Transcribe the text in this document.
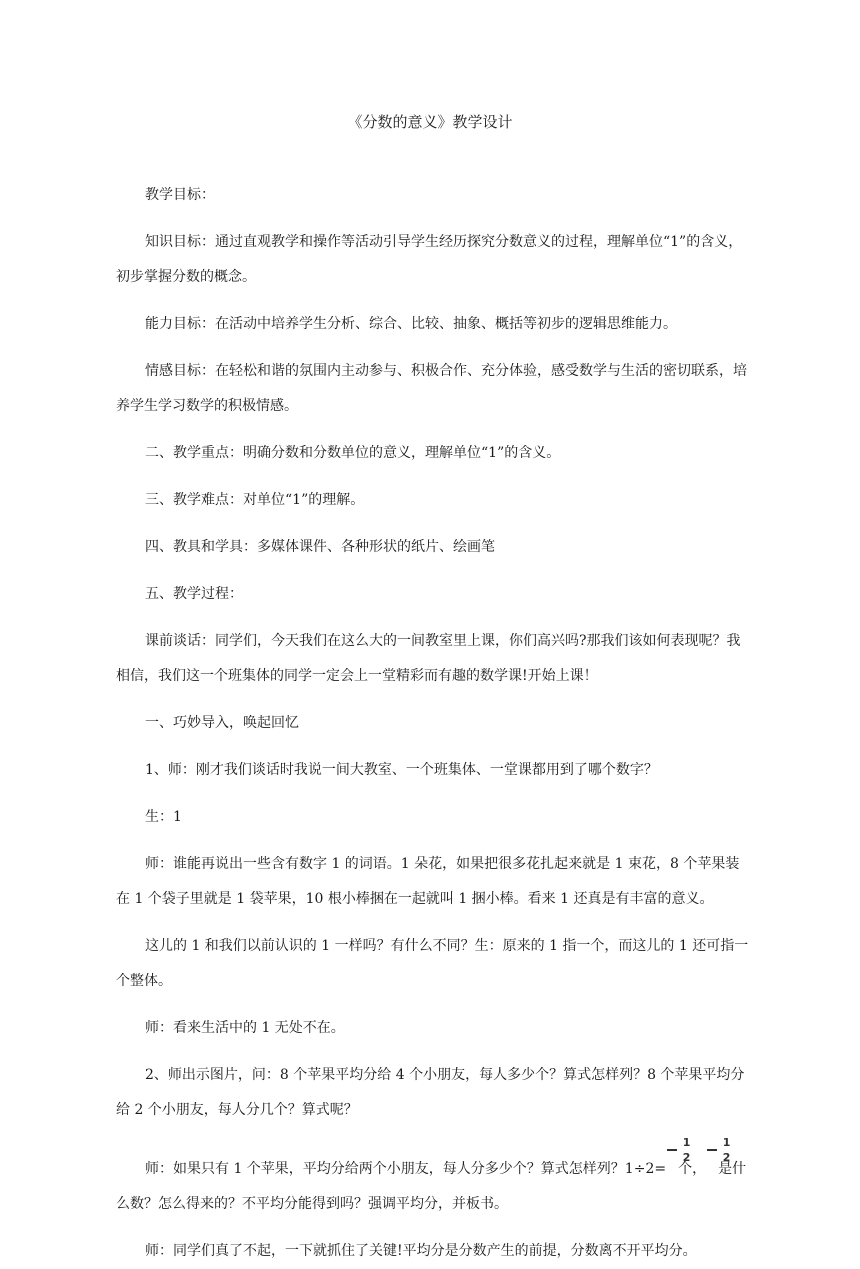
《分数的意义》教学设计

教学目标：

知识目标：通过直观教学和操作等活动引导学生经历探究分数意义的过程，理解单位“1”的含义，初步掌握分数的概念。

能力目标：在活动中培养学生分析、综合、比较、抽象、概括等初步的逻辑思维能力。

情感目标：在轻松和谐的氛围内主动参与、积极合作、充分体验，感受数学与生活的密切联系，培养学生学习数学的积极情感。

二、教学重点：明确分数和分数单位的意义，理解单位“1”的含义。

三、教学难点：对单位“1”的理解。

四、教具和学具：多媒体课件、各种形状的纸片、绘画笔

五、教学过程：

课前谈话：同学们，今天我们在这么大的一间教室里上课，你们高兴吗?那我们该如何表现呢？我相信，我们这一个班集体的同学一定会上一堂精彩而有趣的数学课!开始上课！

一、巧妙导入，唤起回忆

1、师：刚才我们谈话时我说一间大教室、一个班集体、一堂课都用到了哪个数字？

生：1

师：谁能再说出一些含有数字 1 的词语。1 朵花，如果把很多花扎起来就是 1 束花，8 个苹果装在 1 个袋子里就是 1 袋苹果，10 根小棒捆在一起就叫 1 捆小棒。看来 1 还真是有丰富的意义。

这儿的 1 和我们以前认识的 1 一样吗？有什么不同？生：原来的 1 指一个，而这儿的 1 还可指一个整体。

师：看来生活中的 1 无处不在。

2、师出示图片，问：8 个苹果平均分给 4 个小朋友，每人多少个？算式怎样列？8 个苹果平均分给 2 个小朋友，每人分几个？算式呢？

师：如果只有 1 个苹果，平均分给两个小朋友，每人分多少个？算式怎样列？1÷2=
1
2
个，
1
2
是什么数？怎么得来的？不平均分能得到吗？强调平均分，并板书。

师：同学们真了不起，一下就抓住了关键!平均分是分数产生的前提，分数离不开平均分。
